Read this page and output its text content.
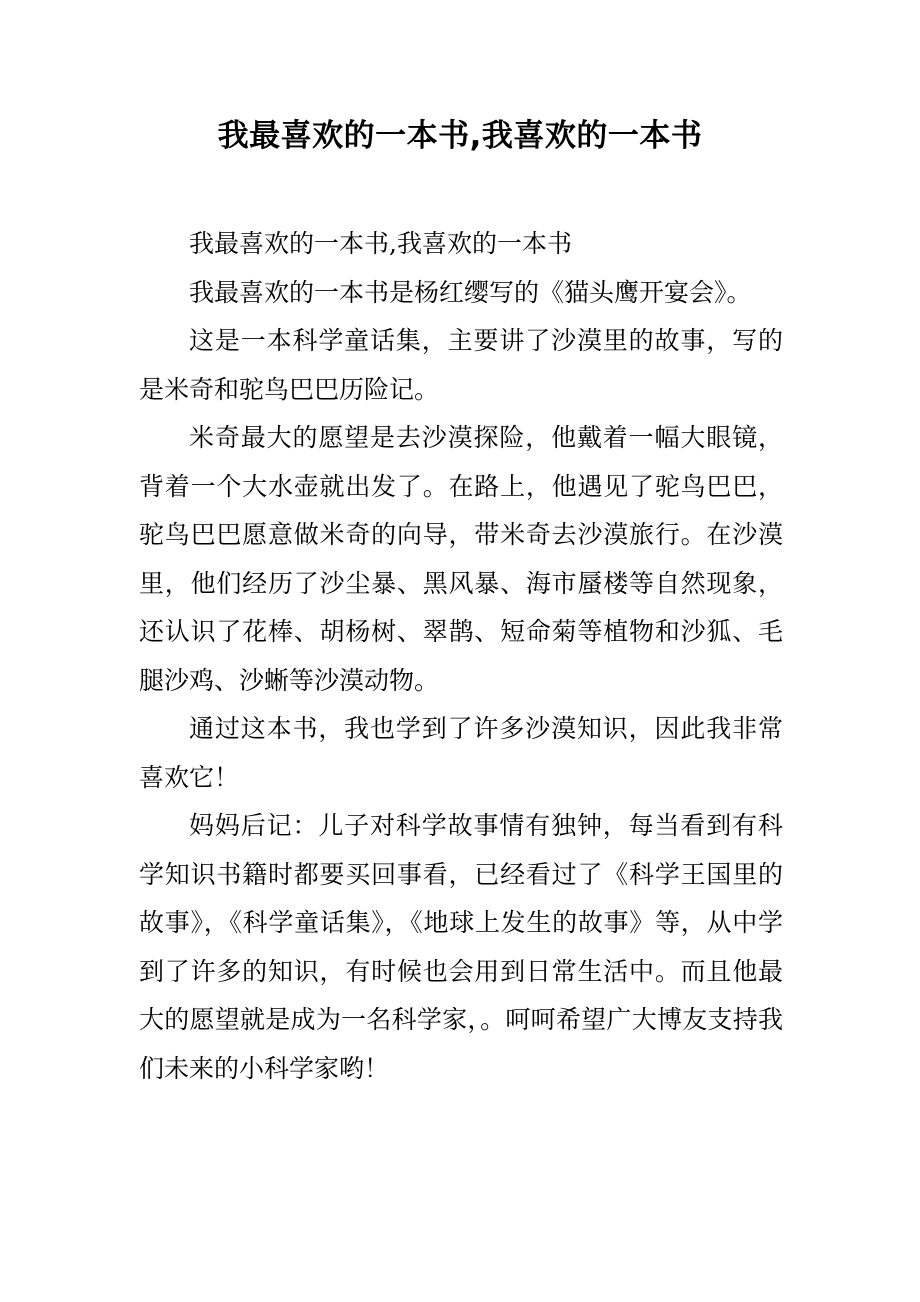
我最喜欢的一本书,我喜欢的一本书

我最喜欢的一本书,我喜欢的一本书

我最喜欢的一本书是杨红缨写的《猫头鹰开宴会》。

这是一本科学童话集，主要讲了沙漠里的故事，写的是米奇和驼鸟巴巴历险记。

米奇最大的愿望是去沙漠探险，他戴着一幅大眼镜，背着一个大水壶就出发了。在路上，他遇见了驼鸟巴巴，驼鸟巴巴愿意做米奇的向导，带米奇去沙漠旅行。在沙漠里，他们经历了沙尘暴、黑风暴、海市蜃楼等自然现象，还认识了花棒、胡杨树、翠鹊、短命菊等植物和沙狐、毛腿沙鸡、沙蜥等沙漠动物。

通过这本书，我也学到了许多沙漠知识，因此我非常喜欢它！

妈妈后记：儿子对科学故事情有独钟，每当看到有科学知识书籍时都要买回事看，已经看过了《科学王国里的故事》，《科学童话集》，《地球上发生的故事》等，从中学到了许多的知识，有时候也会用到日常生活中。而且他最大的愿望就是成为一名科学家，。呵呵希望广大博友支持我们未来的小科学家哟！
